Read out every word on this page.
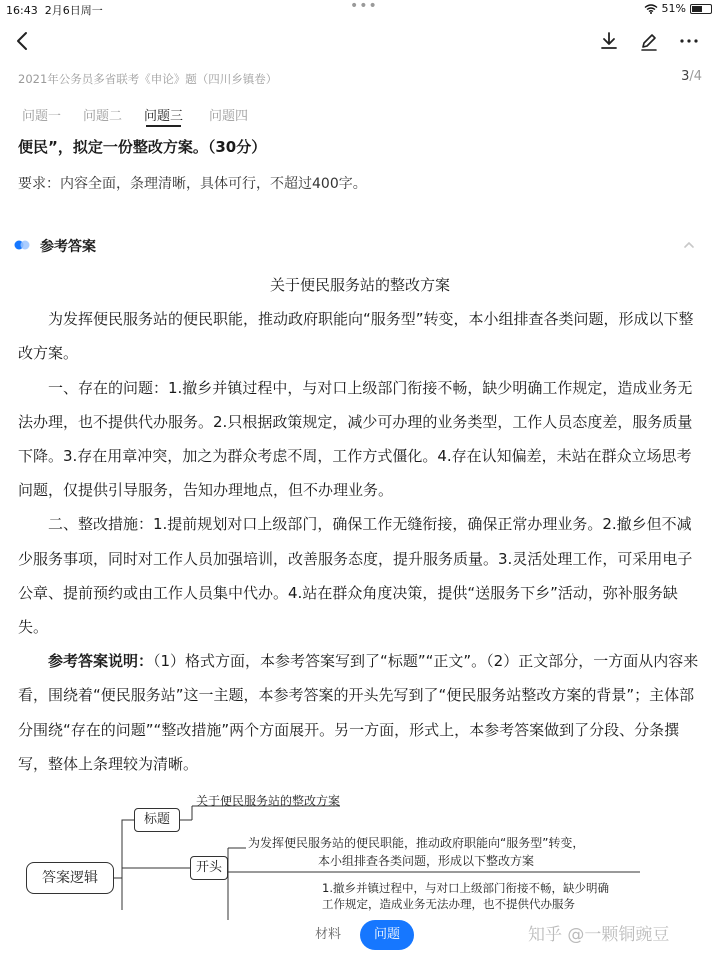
16:43 2月6日周一	•••	51%
2021年公务员多省联考《申论》题（四川乡镇卷）	3/4
问题一 问题二 问题三 问题四
便民”，拟定一份整改方案。（30分）
要求：内容全面，条理清晰，具体可行，不超过400字。
参考答案

关于便民服务站的整改方案

为发挥便民服务站的便民职能，推动政府职能向“服务型”转变，本小组排查各类问题，形成以下整改方案。

一、存在的问题：1.撤乡并镇过程中，与对口上级部门衔接不畅，缺少明确工作规定，造成业务无法办理，也不提供代办服务。2.只根据政策规定，减少可办理的业务类型，工作人员态度差，服务质量下降。3.存在用章冲突，加之为群众考虑不周，工作方式僵化。4.存在认知偏差，未站在群众立场思考问题，仅提供引导服务，告知办理地点，但不办理业务。

二、整改措施：1.提前规划对口上级部门，确保工作无缝衔接，确保正常办理业务。2.撤乡但不减少服务事项，同时对工作人员加强培训，改善服务态度，提升服务质量。3.灵活处理工作，可采用电子公章、提前预约或由工作人员集中代办。4.站在群众角度决策，提供“送服务下乡”活动，弥补服务缺失。

参考答案说明：（1）格式方面，本参考答案写到了“标题”“正文”。（2）正文部分，一方面从内容来看，围绕着“便民服务站”这一主题，本参考答案的开头先写到了“便民服务站整改方案的背景”；主体部分围绕“存在的问题”“整改措施”两个方面展开。另一方面，形式上，本参考答案做到了分段、分条撰写，整体上条理较为清晰。

答案逻辑
标题
关于便民服务站的整改方案
开头
为发挥便民服务站的便民职能，推动政府职能向“服务型”转变，
本小组排查各类问题，形成以下整改方案
1.撤乡并镇过程中，与对口上级部门衔接不畅，缺少明确
工作规定，造成业务无法办理，也不提供代办服务
材料	问题	知乎 @一颗铜豌豆
